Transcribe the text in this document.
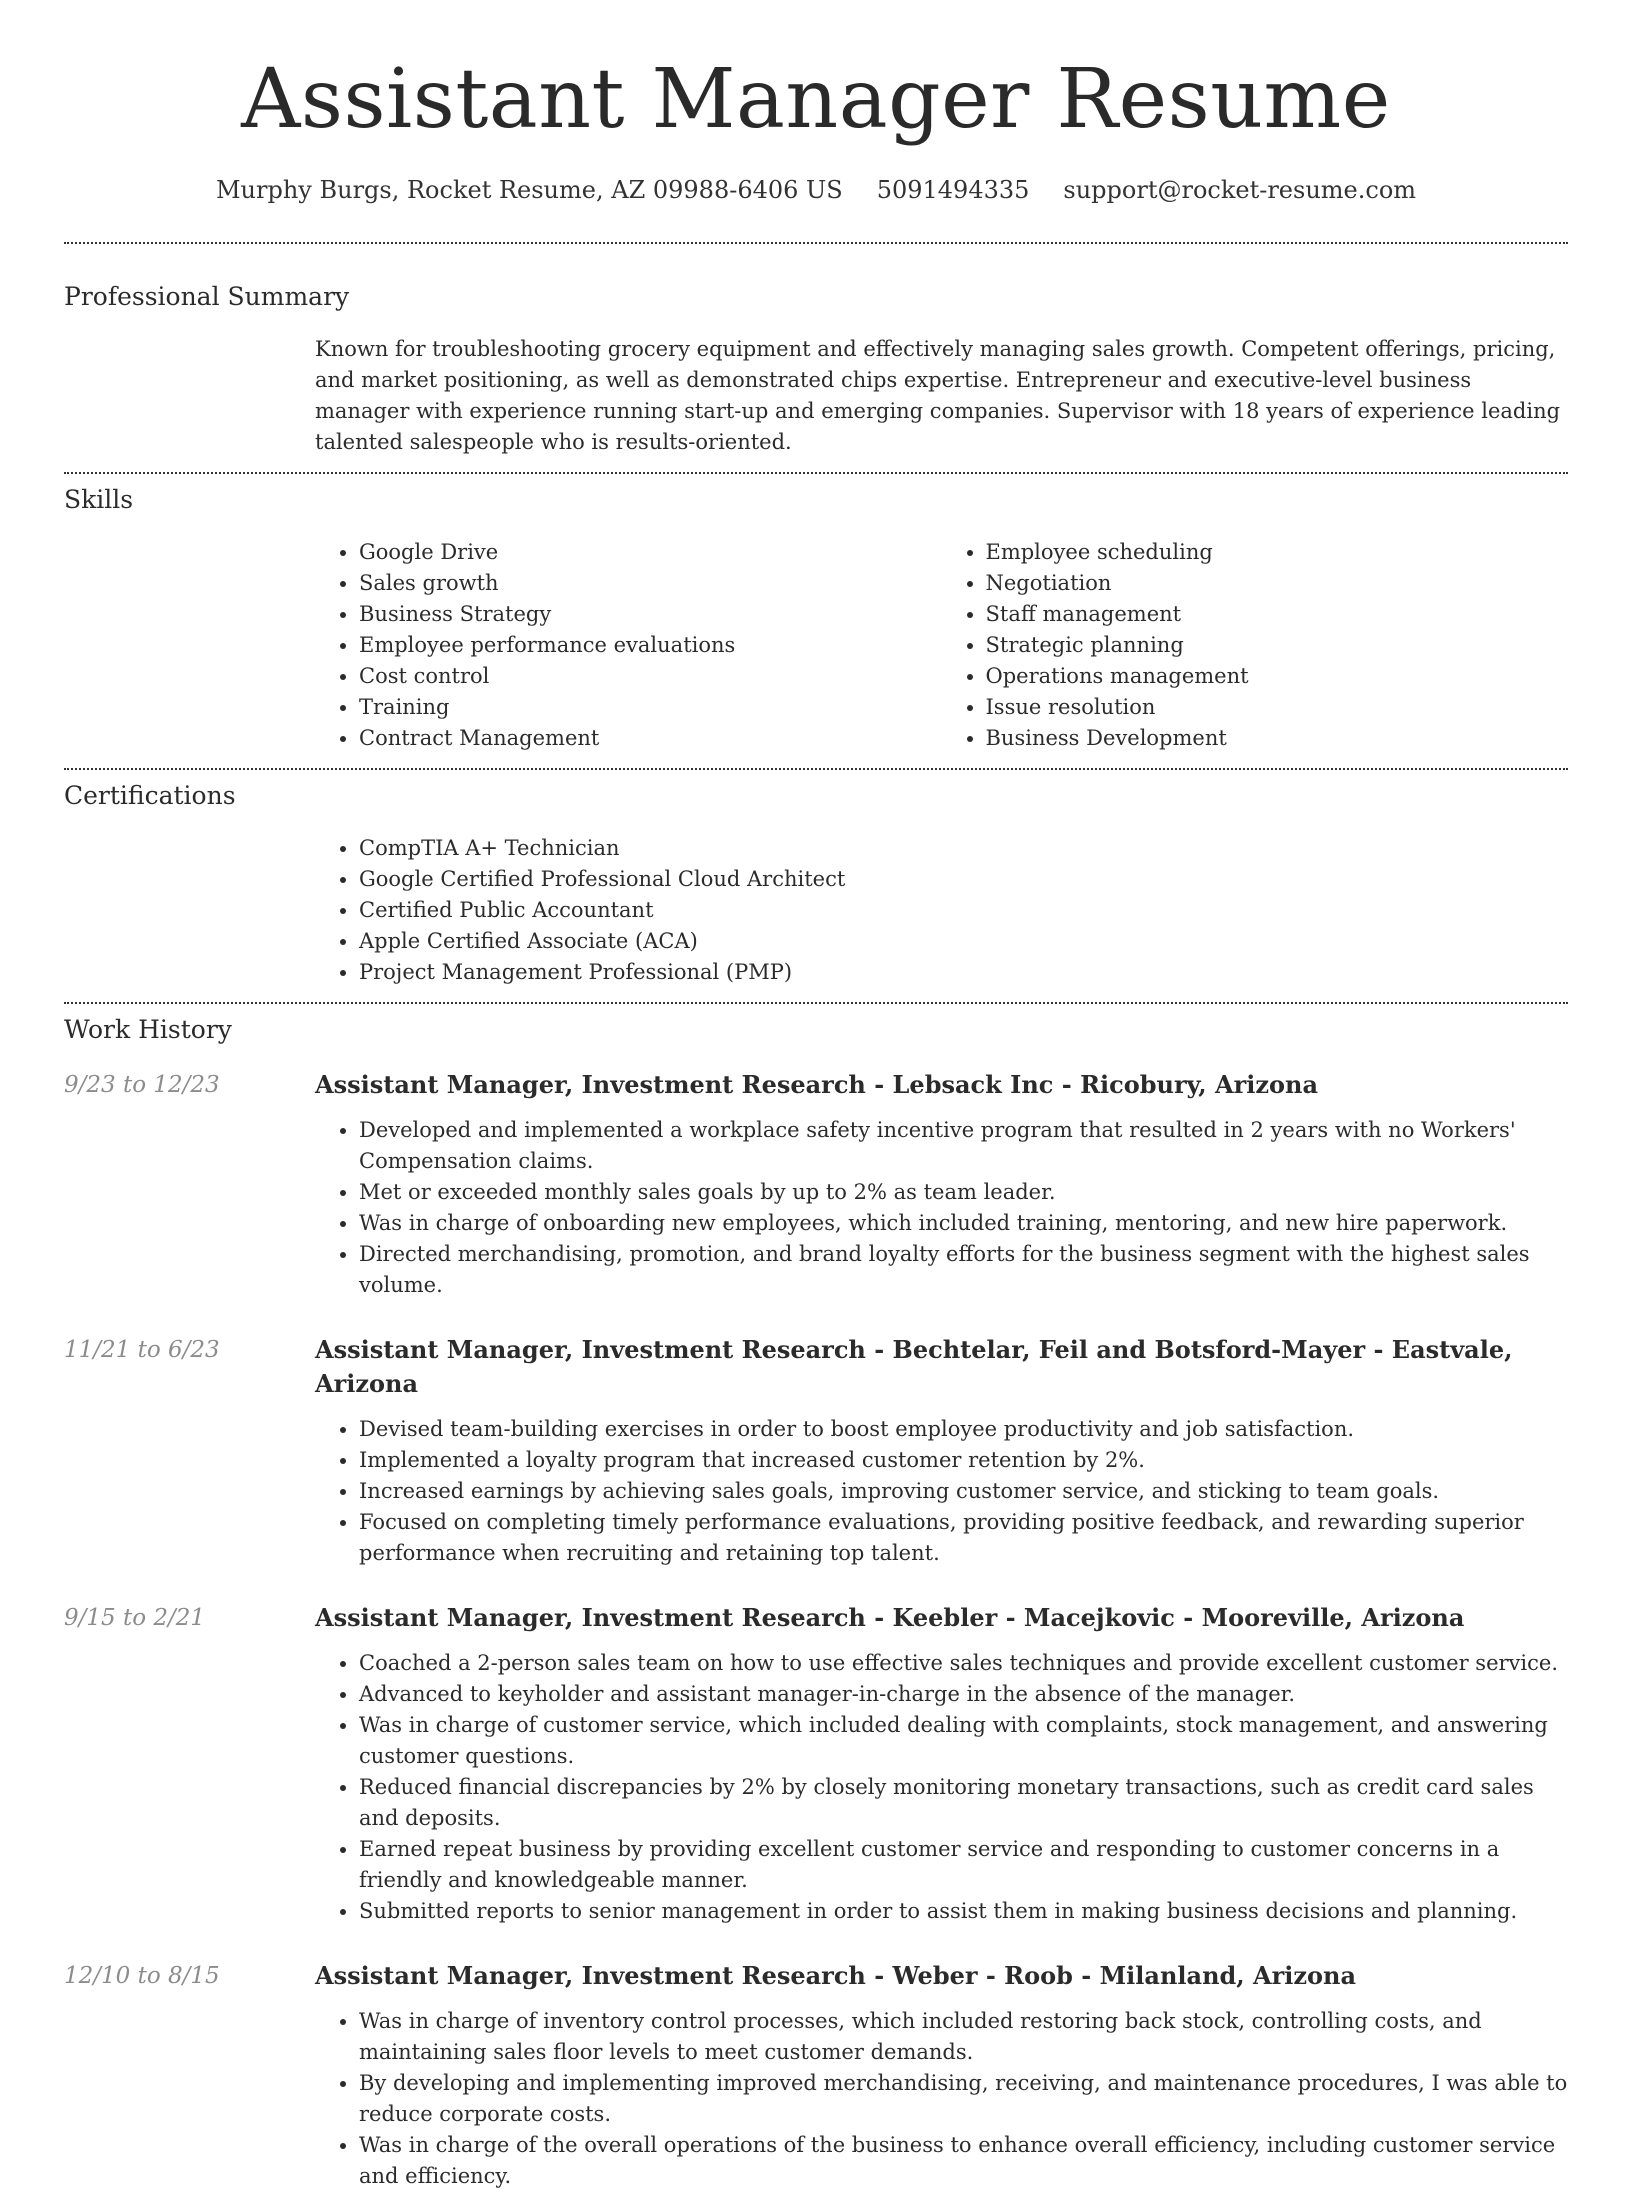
Assistant Manager Resume
Murphy Burgs, Rocket Resume, AZ 09988-6406 US 5091494335 support@rocket-resume.com
Professional Summary

Known for troubleshooting grocery equipment and effectively managing sales growth. Competent offerings, pricing, and market positioning, as well as demonstrated chips expertise. Entrepreneur and executive-level business manager with experience running start-up and emerging companies. Supervisor with 18 years of experience leading talented salespeople who is results-oriented.

Skills
• Google Drive
• Sales growth
• Business Strategy
• Employee performance evaluations
• Cost control
• Training
• Contract Management
• Employee scheduling
• Negotiation
• Staff management
• Strategic planning
• Operations management
• Issue resolution
• Business Development
Certifications
• CompTIA A+ Technician
• Google Certified Professional Cloud Architect
• Certified Public Accountant
• Apple Certified Associate (ACA)
• Project Management Professional (PMP)
Work History
9/23 to 12/23	Assistant Manager, Investment Research - Lebsack Inc - Ricobury, Arizona
• Developed and implemented a workplace safety incentive program that resulted in 2 years with no Workers' Compensation claims.
• Met or exceeded monthly sales goals by up to 2% as team leader.
• Was in charge of onboarding new employees, which included training, mentoring, and new hire paperwork.
• Directed merchandising, promotion, and brand loyalty efforts for the business segment with the highest sales volume.
11/21 to 6/23	Assistant Manager, Investment Research - Bechtelar, Feil and Botsford-Mayer - Eastvale, Arizona
• Devised team-building exercises in order to boost employee productivity and job satisfaction.
• Implemented a loyalty program that increased customer retention by 2%.
• Increased earnings by achieving sales goals, improving customer service, and sticking to team goals.
• Focused on completing timely performance evaluations, providing positive feedback, and rewarding superior performance when recruiting and retaining top talent.
9/15 to 2/21	Assistant Manager, Investment Research - Keebler - Macejkovic - Mooreville, Arizona
• Coached a 2-person sales team on how to use effective sales techniques and provide excellent customer service.
• Advanced to keyholder and assistant manager-in-charge in the absence of the manager.
• Was in charge of customer service, which included dealing with complaints, stock management, and answering customer questions.
• Reduced financial discrepancies by 2% by closely monitoring monetary transactions, such as credit card sales and deposits.
• Earned repeat business by providing excellent customer service and responding to customer concerns in a friendly and knowledgeable manner.
• Submitted reports to senior management in order to assist them in making business decisions and planning.
12/10 to 8/15	Assistant Manager, Investment Research - Weber - Roob - Milanland, Arizona
• Was in charge of inventory control processes, which included restoring back stock, controlling costs, and maintaining sales floor levels to meet customer demands.
• By developing and implementing improved merchandising, receiving, and maintenance procedures, I was able to reduce corporate costs.
• Was in charge of the overall operations of the business to enhance overall efficiency, including customer service and efficiency.
